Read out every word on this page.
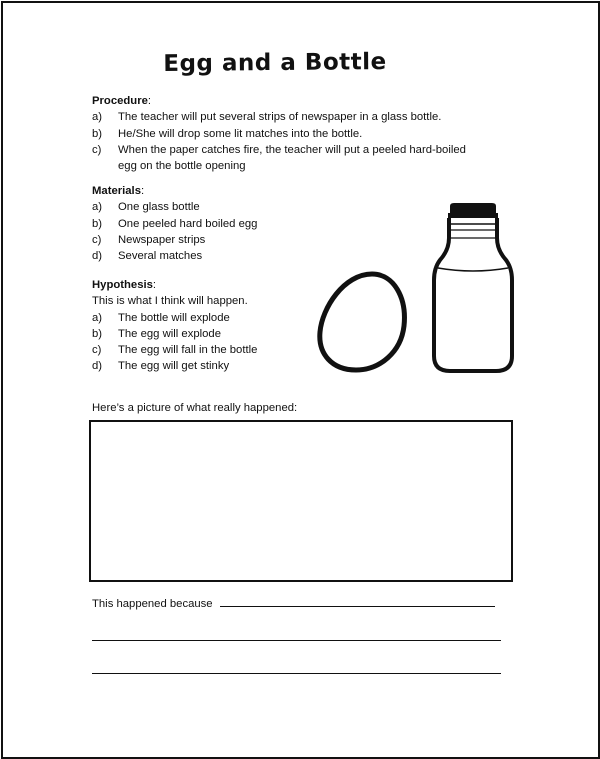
Egg and a Bottle
Procedure:
a)	The teacher will put several strips of newspaper in a glass bottle.
b)	He/She will drop some lit matches into the bottle.
c)	When the paper catches fire, the teacher will put a peeled hard-boiled egg on the bottle opening
Materials:
a)	One glass bottle
b)	One peeled hard boiled egg
c)	Newspaper strips
d)	Several matches
Hypothesis:
This is what I think will happen.
a)	The bottle will explode
b)	The egg will explode
c)	The egg will fall in the bottle
d)	The egg will get stinky
Here’s a picture of what really happened:
This happened because
